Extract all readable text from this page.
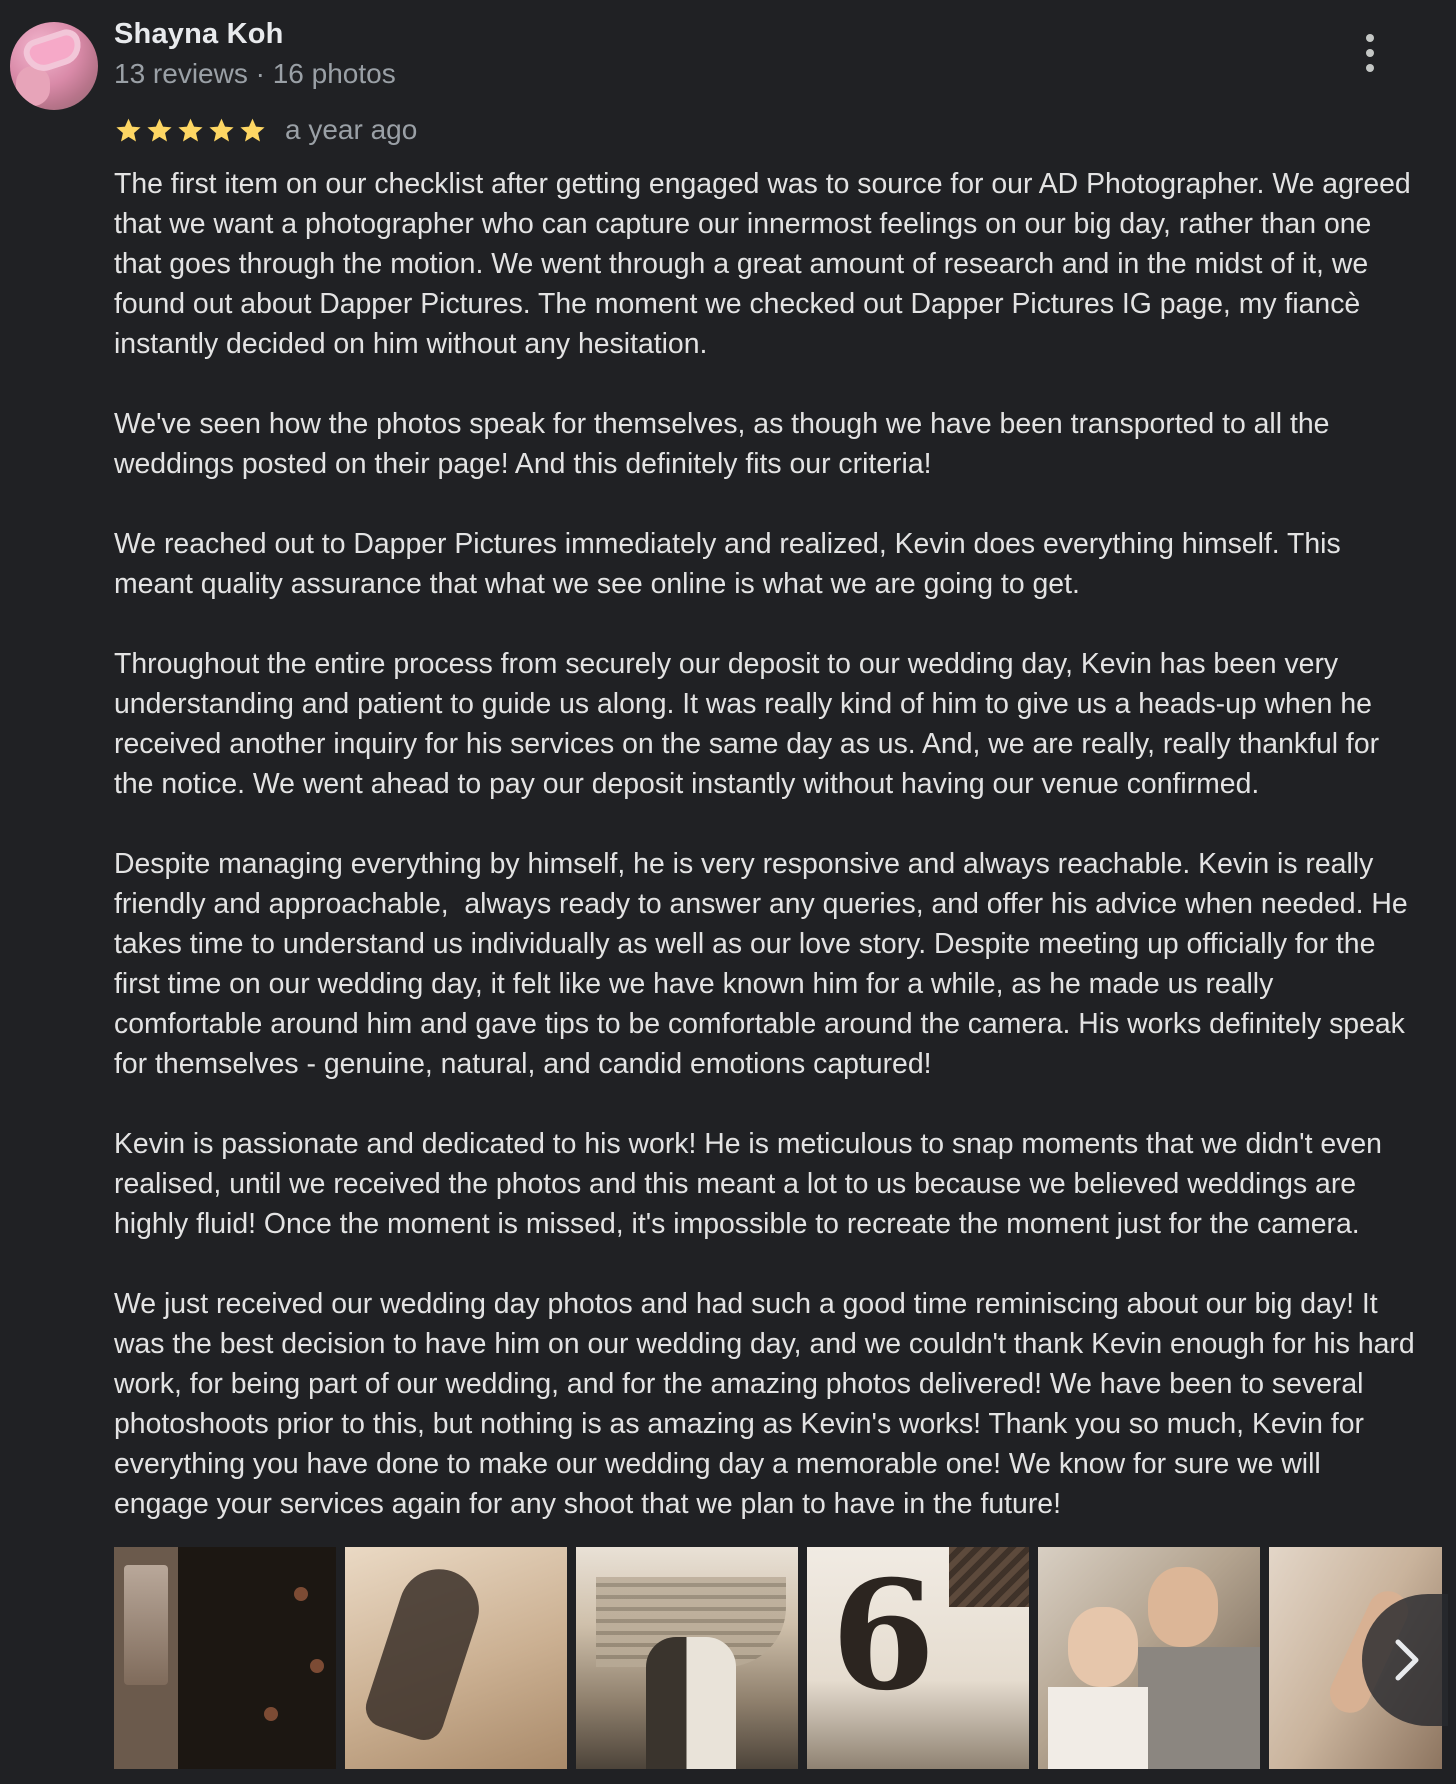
Shayna Koh
13 reviews · 16 photos
a year ago

The first item on our checklist after getting engaged was to source for our AD Photographer. We agreed
that we want a photographer who can capture our innermost feelings on our big day, rather than one
that goes through the motion. We went through a great amount of research and in the midst of it, we
found out about Dapper Pictures. The moment we checked out Dapper Pictures IG page, my fiancè
instantly decided on him without any hesitation.

We've seen how the photos speak for themselves, as though we have been transported to all the
weddings posted on their page! And this definitely fits our criteria!

We reached out to Dapper Pictures immediately and realized, Kevin does everything himself. This
meant quality assurance that what we see online is what we are going to get.

Throughout the entire process from securely our deposit to our wedding day, Kevin has been very
understanding and patient to guide us along. It was really kind of him to give us a heads-up when he
received another inquiry for his services on the same day as us. And, we are really, really thankful for
the notice. We went ahead to pay our deposit instantly without having our venue confirmed.

Despite managing everything by himself, he is very responsive and always reachable. Kevin is really
friendly and approachable,  always ready to answer any queries, and offer his advice when needed. He
takes time to understand us individually as well as our love story. Despite meeting up officially for the
first time on our wedding day, it felt like we have known him for a while, as he made us really
comfortable around him and gave tips to be comfortable around the camera. His works definitely speak
for themselves - genuine, natural, and candid emotions captured!

Kevin is passionate and dedicated to his work! He is meticulous to snap moments that we didn't even
realised, until we received the photos and this meant a lot to us because we believed weddings are
highly fluid! Once the moment is missed, it's impossible to recreate the moment just for the camera.

We just received our wedding day photos and had such a good time reminiscing about our big day! It
was the best decision to have him on our wedding day, and we couldn't thank Kevin enough for his hard
work, for being part of our wedding, and for the amazing photos delivered! We have been to several
photoshoots prior to this, but nothing is as amazing as Kevin's works! Thank you so much, Kevin for
everything you have done to make our wedding day a memorable one! We know for sure we will
engage your services again for any shoot that we plan to have in the future!

6
